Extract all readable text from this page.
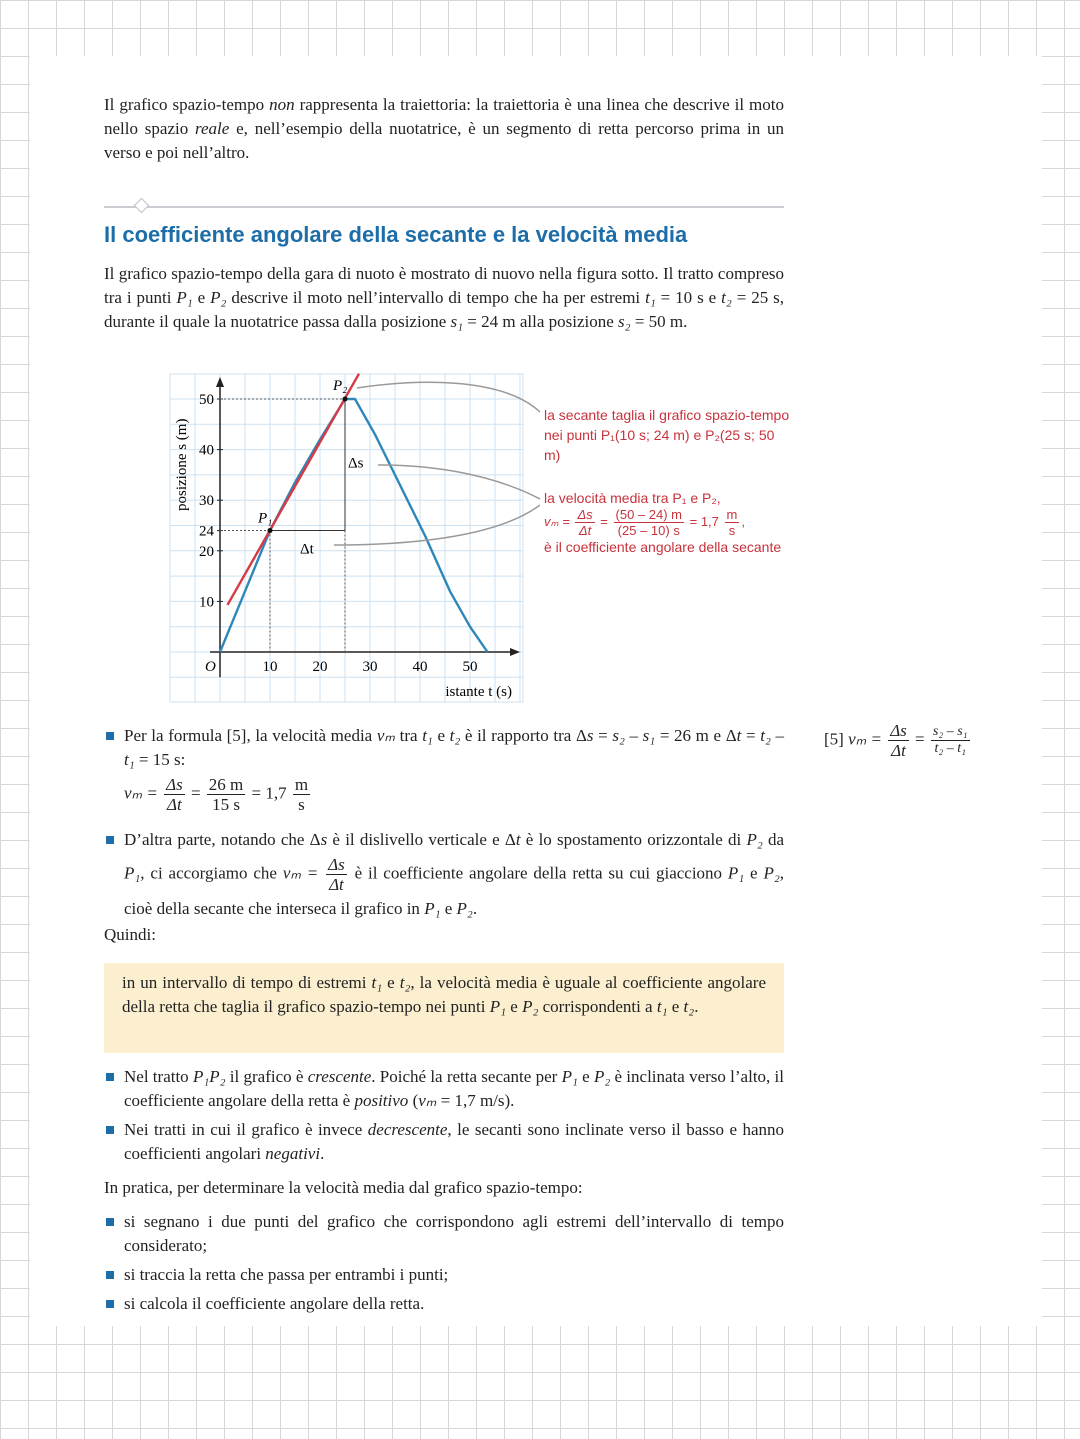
Il grafico spazio-tempo non rappresenta la traiettoria: la traiettoria è una linea che descrive il moto nello spazio reale e, nell’esempio della nuotatrice, è un segmento di retta percorso prima in un verso e poi nell’altro.
Il coefficiente angolare della secante e la velocità media
Il grafico spazio-tempo della gara di nuoto è mostrato di nuovo nella figura sotto. Il tratto compreso tra i punti P₁ e P₂ descrive il moto nell’intervallo di tempo che ha per estremi t₁ = 10 s e t₂ = 25 s, durante il quale la nuotatrice passa dalla posizione s₁ = 24 m alla posizione s₂ = 50 m.
10 20 30 40 50
10
20
24
30
40
50
O
istante t (s)
posizione s (m)
P₁
P₂
Δs
Δt
la secante taglia il grafico spazio-tempo nei punti P₁(10 s; 24 m) e P₂(25 s; 50 m)
la velocità media tra P₁ e P₂,
$v_m = \frac{\Delta s}{\Delta t} = \frac{(50 - 24) m}{(25 - 10) s} = 1,7 \frac{m}{s}$ ,
è il coefficiente angolare della secante
Per la formula [5], la velocità media vₘ tra t₁ e t₂ è il rapporto tra Δs = s₂ – s₁ = 26 m e Δt = t₂ – t₁ = 15 s:
$v_m = \frac{\Delta s}{\Delta t} = \frac{26 m}{15 s} = 1,7 \frac{m}{s}$
[5] $v_m = \frac{\Delta s}{\Delta t} = \frac{\text{s₂ – s₁}}{\text{t₂ – t₁}}$
D’altra parte, notando che Δs è il dislivello verticale e Δt è lo spostamento orizzontale di P₂ da P₁, ci accorgiamo che $v_m = \frac{\Delta s}{\Delta t}$ è il coefficiente angolare della retta su cui giacciono P₁ e P₂, cioè della secante che interseca il grafico in P₁ e P₂.
Quindi:
in un intervallo di tempo di estremi t₁ e t₂, la velocità media è uguale al coefficiente angolare della retta che taglia il grafico spazio-tempo nei punti P₁ e P₂ corrispondenti a t₁ e t₂.
Nel tratto P₁P₂ il grafico è crescente. Poiché la retta secante per P₁ e P₂ è inclinata verso l’alto, il coefficiente angolare della retta è positivo (vₘ = 1,7 m/s).
Nei tratti in cui il grafico è invece decrescente, le secanti sono inclinate verso il basso e hanno coefficienti angolari negativi.
In pratica, per determinare la velocità media dal grafico spazio-tempo:
si segnano i due punti del grafico che corrispondono agli estremi dell’intervallo di tempo considerato;
si traccia la retta che passa per entrambi i punti;
si calcola il coefficiente angolare della retta.
